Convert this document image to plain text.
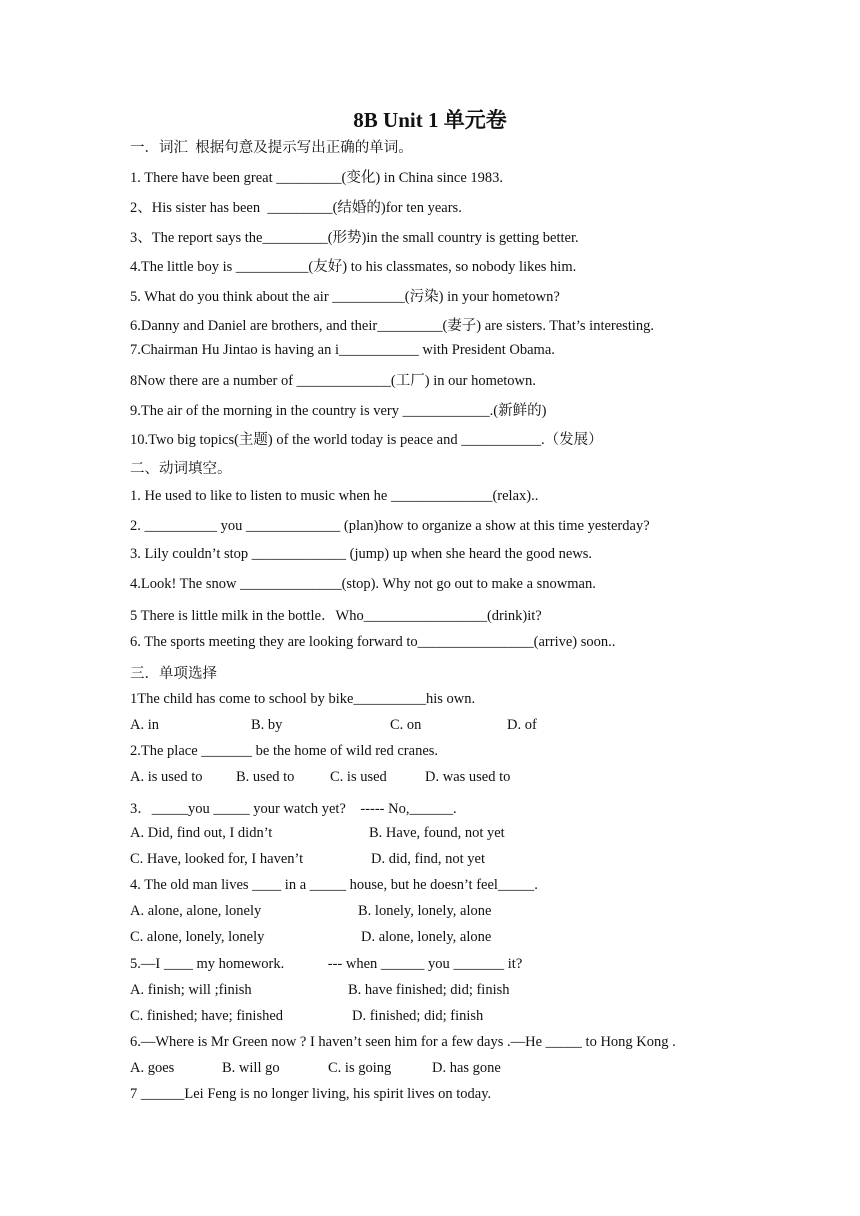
8B Unit 1 单元卷
一．词汇  根据句意及提示写出正确的单词。
1. There have been great _________(变化) in China since 1983.
2、His sister has been  _________(结婚的)for ten years.
3、The report says the_________(形势)in the small country is getting better.
4.The little boy is __________(友好) to his classmates, so nobody likes him.
5. What do you think about the air __________(污染) in your hometown?
6.Danny and Daniel are brothers, and their_________(妻子) are sisters. That’s interesting.
7.Chairman Hu Jintao is having an i___________ with President Obama.
8Now there are a number of _____________(工厂) in our hometown.
9.The air of the morning in the country is very ____________.(新鲜的)
10.Two big topics(主题) of the world today is peace and ___________.（发展）
二、动词填空。
1. He used to like to listen to music when he ______________(relax)..
2. __________ you _____________ (plan)how to organize a show at this time yesterday?
3. Lily couldn’t stop _____________ (jump) up when she heard the good news.
4.Look! The snow ______________(stop). Why not go out to make a snowman.
5 There is little milk in the bottle．Who_________________(drink)it?
6. The sports meeting they are looking forward to________________(arrive) soon..
三．单项选择
1The child has come to school by bike__________his own.
A. in	B. by	C. on	D. of
2.The place _______ be the home of wild red cranes.
A. is used to B. used to C. is used	D. was used to
3．_____you _____ your watch yet?    ----- No,______.
A. Did, find out, I didn’t	B. Have, found, not yet
C. Have, looked for, I haven’t	D. did, find, not yet
4. The old man lives ____ in a _____ house, but he doesn’t feel_____.
A. alone, alone, lonely	B. lonely, lonely, alone
C. alone, lonely, lonely	D. alone, lonely, alone
5.—I ____ my homework.            --- when ______ you _______ it?
A. finish; will ;finish	B. have finished; did; finish
C. finished; have; finished	D. finished; did; finish
6.—Where is Mr Green now ? I haven’t seen him for a few days .—He _____ to Hong Kong .
A. goes	B. will go	C. is going	D. has gone
7 ______Lei Feng is no longer living, his spirit lives on today.
